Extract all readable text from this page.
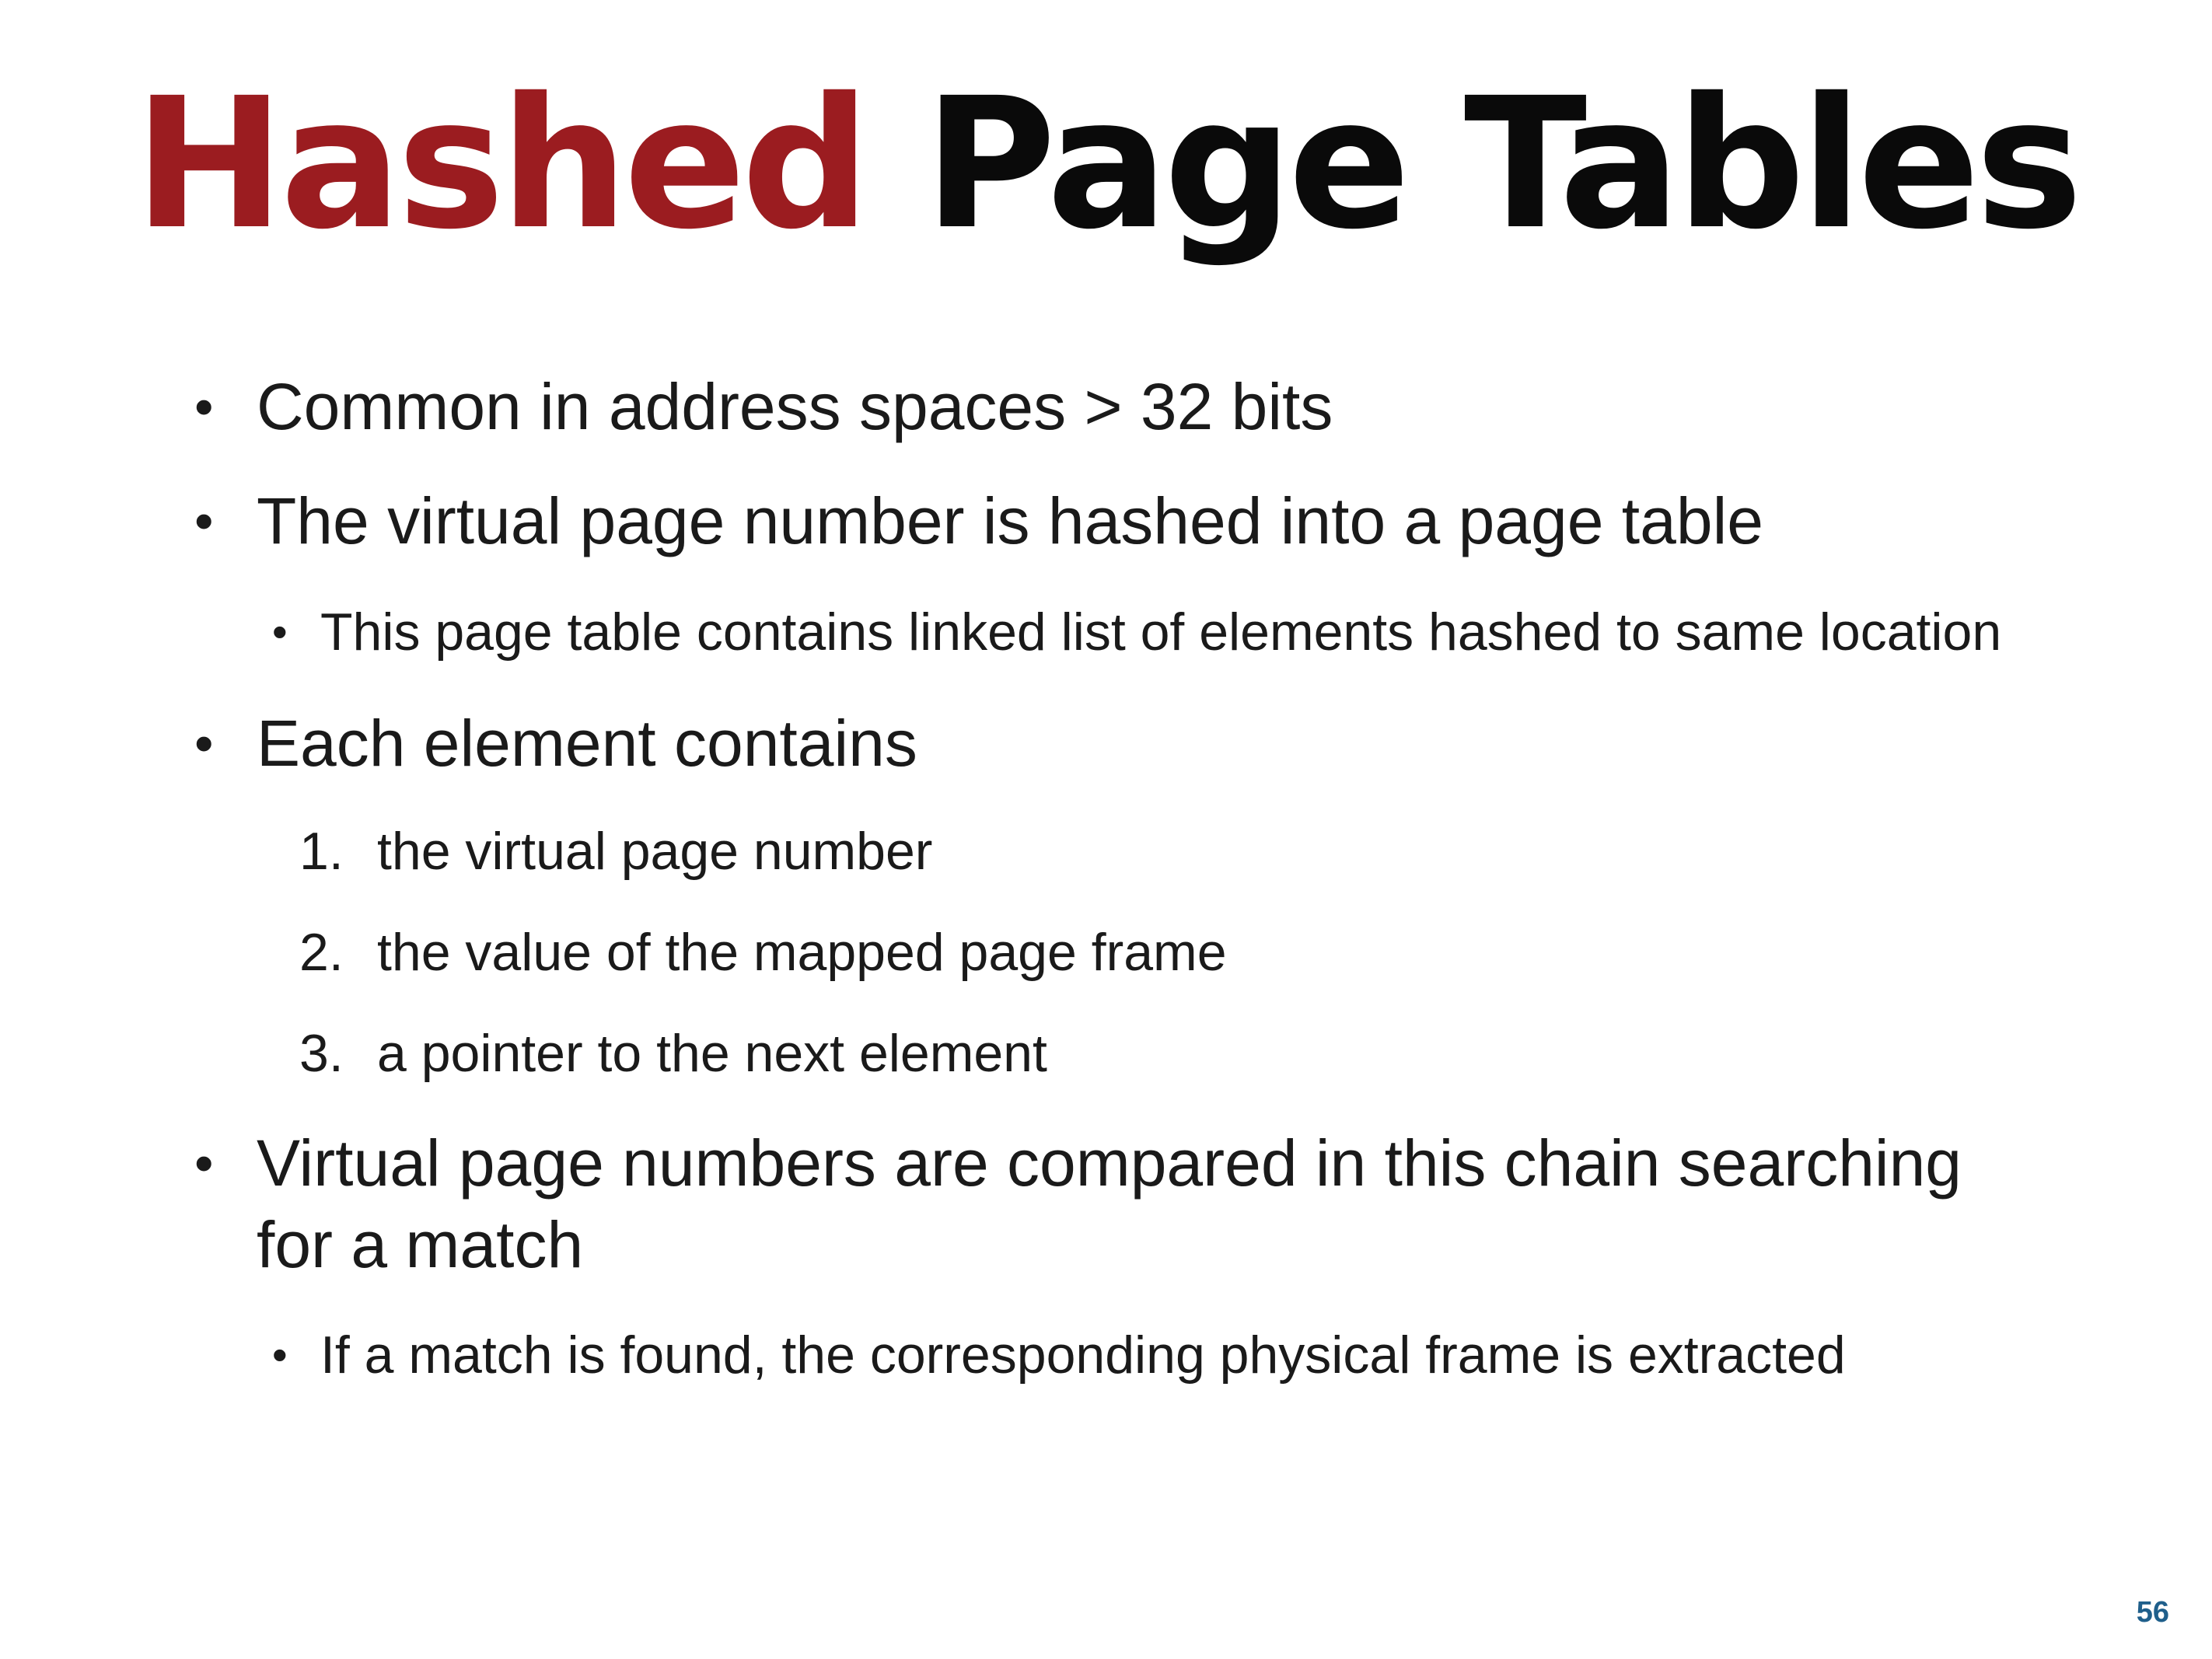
Hashed Page Tables
• Common in address spaces > 32 bits
• The virtual page number is hashed into a page table
• This page table contains linked list of elements hashed to same location
• Each element contains
1. the virtual page number
2. the value of the mapped page frame
3. a pointer to the next element
• Virtual page numbers are compared in this chain searching
for a match
• If a match is found, the corresponding physical frame is extracted
56
